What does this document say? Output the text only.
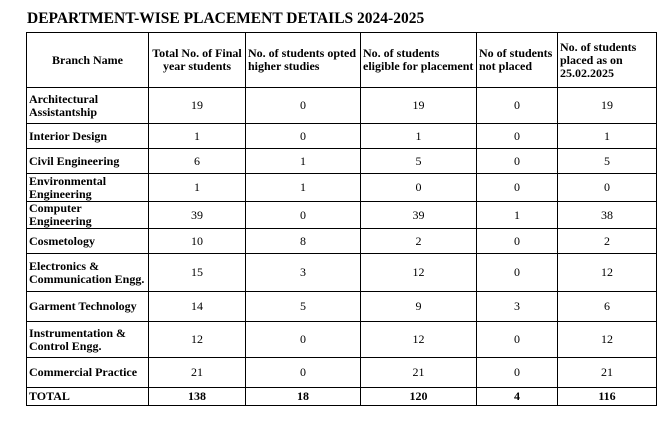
DEPARTMENT-WISE PLACEMENT DETAILS 2024-2025
Branch Name	Total No. of Final year students	No. of students opted higher studies	No. of students eligible for placement	No of students not placed	No. of students placed as on 25.02.2025
Architectural Assistantship	19	0	19	0	19
Interior Design	1	0	1	0	1
Civil Engineering	6	1	5	0	5

Environmental Engineering	1	1	0	0	0
Computer Engineering	39	0	39	1	38
Cosmetology	10	8	2	0	2
Electronics & Communication Engg.	15	3	12	0	12
Garment Technology	14	5	9	3	6
Instrumentation & Control Engg.	12	0	12	0	12
Commercial Practice	21	0	21	0	21
TOTAL	138	18	120	4	116
